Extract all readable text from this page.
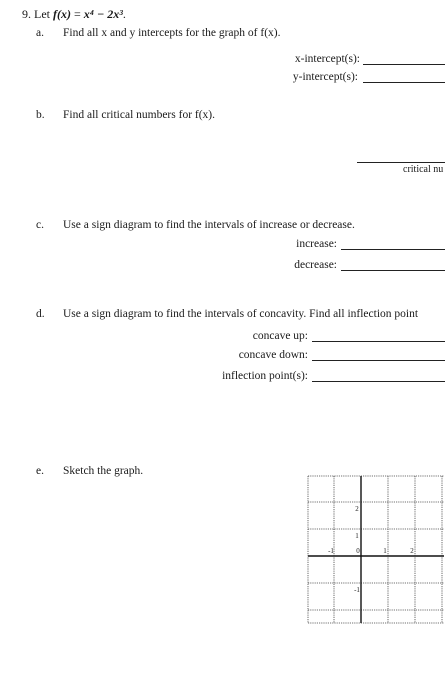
9. Let f(x) = x⁴ − 2x³.
a. Find all x and y intercepts for the graph of f(x).
x-intercept(s):
y-intercept(s):
b. Find all critical numbers for f(x).
critical nu
c. Use a sign diagram to find the intervals of increase or decrease.
increase:
decrease:
d. Use a sign diagram to find the intervals of concavity. Find all inflection point
concave up:
concave down:
inflection point(s):
e. Sketch the graph.
-1	0	1	2
2
1
-1
